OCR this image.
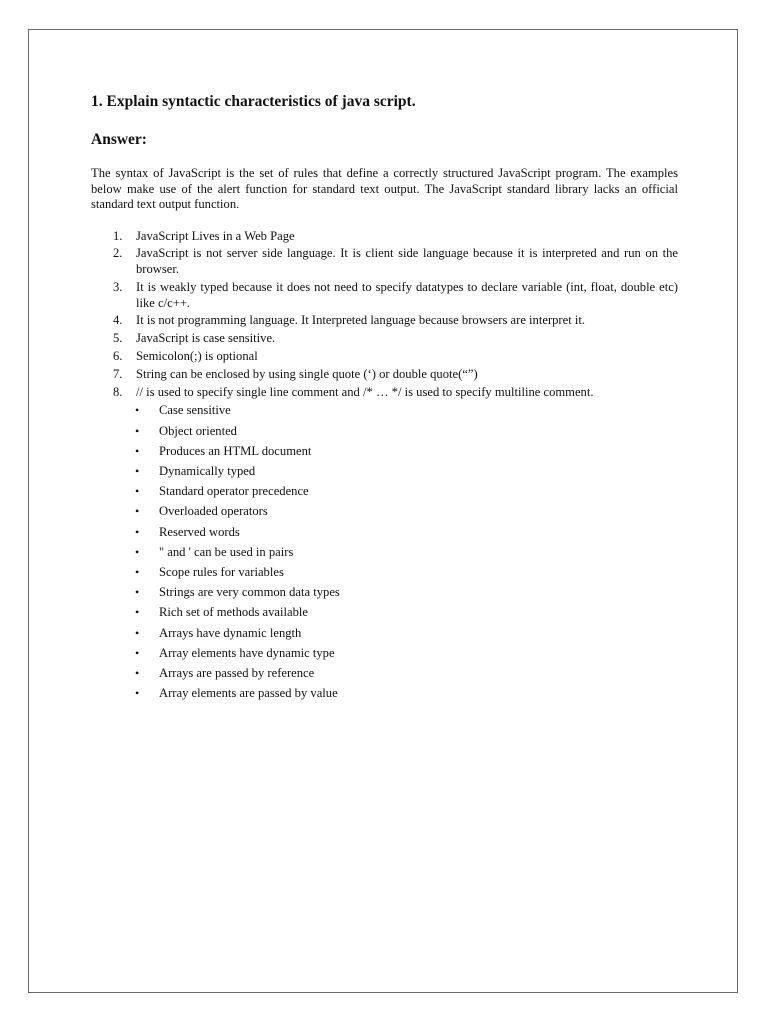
1. Explain syntactic characteristics of java script.
Answer:

The syntax of JavaScript is the set of rules that define a correctly structured JavaScript program. The examples below make use of the alert function for standard text output. The JavaScript standard library lacks an official standard text output function.

1. JavaScript Lives in a Web Page
2. JavaScript is not server side language. It is client side language because it is interpreted and run on the browser.
3. It is weakly typed because it does not need to specify datatypes to declare variable (int, float, double etc) like c/c++.
4. It is not programming language. It Interpreted language because browsers are interpret it.
5. JavaScript is case sensitive.
6. Semicolon(;) is optional
7. String can be enclosed by using single quote (‘) or double quote(“”)
8. // is used to specify single line comment and /* … */ is used to specify multiline comment.
• Case sensitive
• Object oriented
• Produces an HTML document
• Dynamically typed
• Standard operator precedence
• Overloaded operators
• Reserved words
• " and ' can be used in pairs
• Scope rules for variables
• Strings are very common data types
• Rich set of methods available
• Arrays have dynamic length
• Array elements have dynamic type
• Arrays are passed by reference
• Array elements are passed by value
